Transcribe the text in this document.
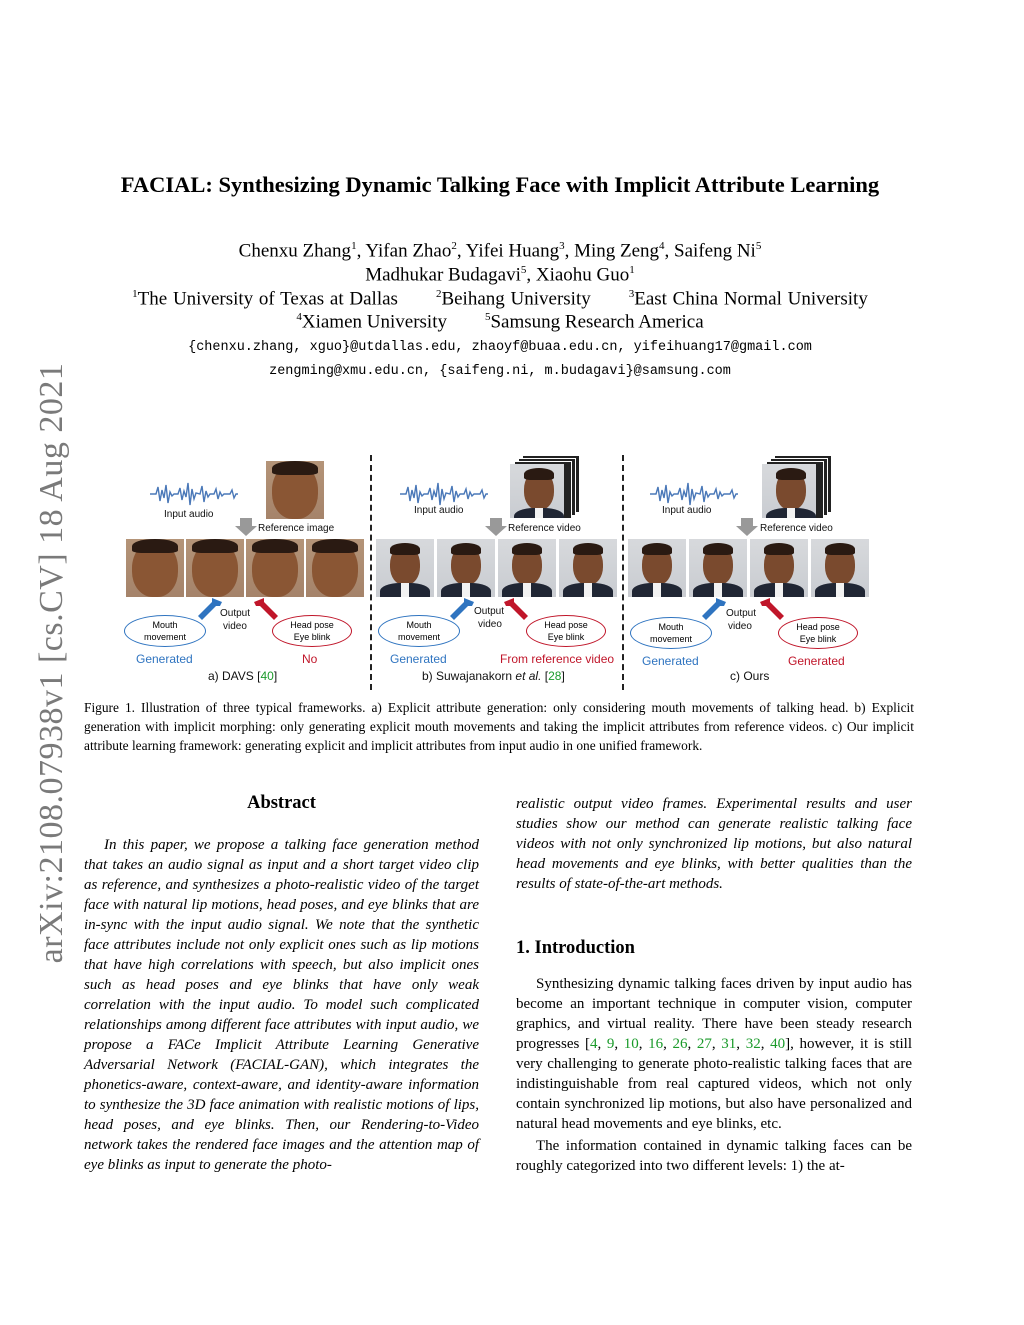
arXiv:2108.07938v1 [cs.CV] 18 Aug 2021
FACIAL: Synthesizing Dynamic Talking Face with Implicit Attribute Learning
Chenxu Zhang$^1$, Yifan Zhao$^2$, Yifei Huang$^3$, Ming Zeng$^4$, Saifeng Ni$^5$
Madhukar Budagavi$^5$, Xiaohu Guo$^1$
$^1$The University of Texas at Dallas	$^2$Beihang University	$^3$East China Normal University
$^4$Xiamen University	$^5$Samsung Research America
{chenxu.zhang, xguo}@utdallas.edu, zhaoyf@buaa.edu.cn, yifeihuang17@gmail.com
zengming@xmu.edu.cn, {saifeng.ni, m.budagavi}@samsung.com
Input audio
Reference image
Output
video
Mouth
movement
Head pose
Eye blink
Generated	No
a) DAVS [40]
Input audio
Reference video
Output
video
Mouth
movement
Head pose
Eye blink
Generated	From reference video
b) Suwajanakorn et al. [28]
Input audio
Reference video
Output
video
Mouth
movement
Head pose
Eye blink
Generated	Generated
c) Ours
Figure 1. Illustration of three typical frameworks. a) Explicit attribute generation: only considering mouth movements of talking head. b) Explicit generation with implicit morphing: only generating explicit mouth movements and taking the implicit attributes from reference videos. c) Our implicit attribute learning framework: generating explicit and implicit attributes from input audio in one unified framework.
Abstract

In this paper, we propose a talking face generation method that takes an audio signal as input and a short target video clip as reference, and synthesizes a photo-realistic video of the target face with natural lip motions, head poses, and eye blinks that are in-sync with the input audio signal. We note that the synthetic face attributes include not only explicit ones such as lip motions that have high correlations with speech, but also implicit ones such as head poses and eye blinks that have only weak correlation with the input audio. To model such complicated relationships among different face attributes with input audio, we propose a FACe Implicit Attribute Learning Generative Adversarial Network (FACIAL-GAN), which integrates the phonetics-aware, context-aware, and identity-aware information to synthesize the 3D face animation with realistic motions of lips, head poses, and eye blinks. Then, our Rendering-to-Video network takes the rendered face images and the attention map of eye blinks as input to generate the photo-

realistic output video frames. Experimental results and user studies show our method can generate realistic talking face videos with not only synchronized lip motions, but also natural head movements and eye blinks, with better qualities than the results of state-of-the-art methods.

1. Introduction

Synthesizing dynamic talking faces driven by input audio has become an important technique in computer vision, computer graphics, and virtual reality. There have been steady research progresses [4, 9, 10, 16, 26, 27, 31, 32, 40], however, it is still very challenging to generate photo-realistic talking faces that are indistinguishable from real captured videos, which not only contain synchronized lip motions, but also have personalized and natural head movements and eye blinks, etc.

The information contained in dynamic talking faces can be roughly categorized into two different levels: 1) the at-
